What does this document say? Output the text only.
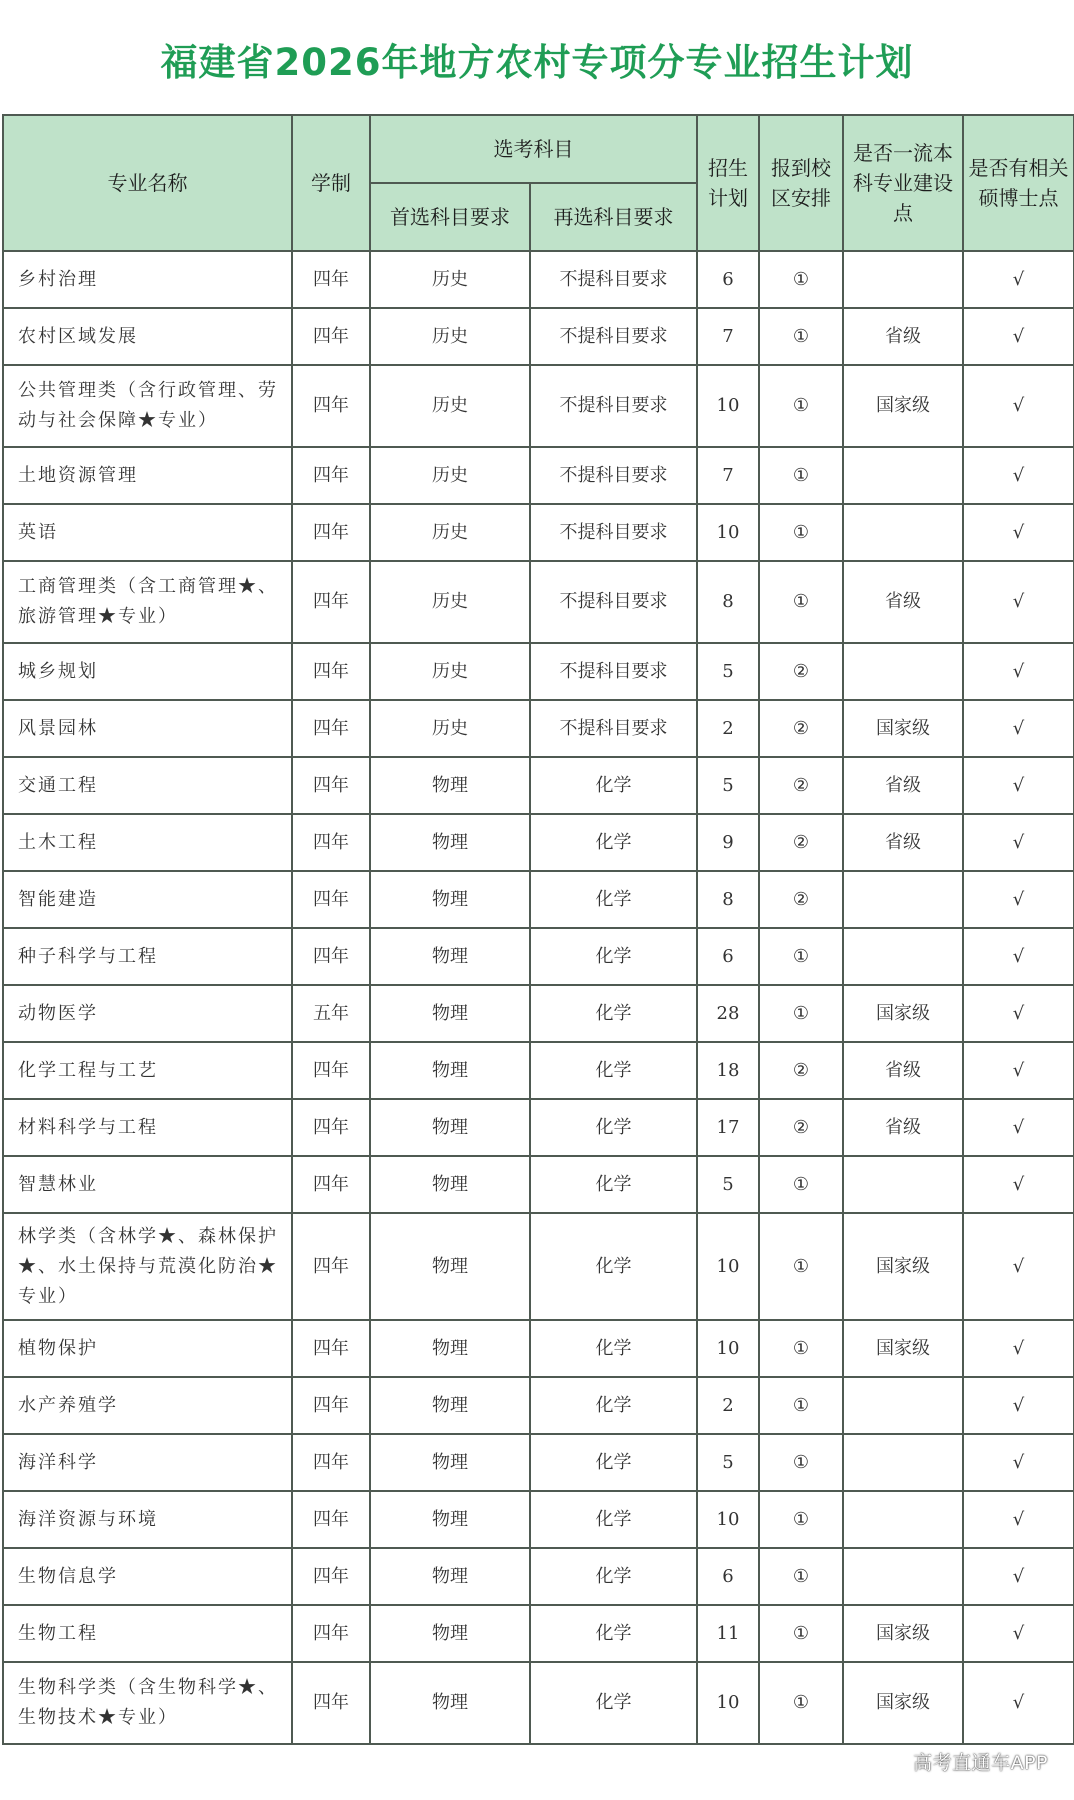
福建省2026年地方农村专项分专业招生计划
专业名称	学制	选考科目		招生计划	报到校区安排	是否一流本科专业建设点	是否有相关硕博士点
		首选科目要求	再选科目要求				
乡村治理	四年	历史	不提科目要求	6	①		√
农村区域发展	四年	历史	不提科目要求	7	①	省级	√
公共管理类（含行政管理、劳动与社会保障★专业）	四年	历史	不提科目要求	10	①	国家级	√
土地资源管理	四年	历史	不提科目要求	7	①		√
英语	四年	历史	不提科目要求	10	①		√
工商管理类（含工商管理★、旅游管理★专业）	四年	历史	不提科目要求	8	①	省级	√
城乡规划	四年	历史	不提科目要求	5	②		√
风景园林	四年	历史	不提科目要求	2	②	国家级	√
交通工程	四年	物理	化学	5	②	省级	√
土木工程	四年	物理	化学	9	②	省级	√
智能建造	四年	物理	化学	8	②		√
种子科学与工程	四年	物理	化学	6	①		√
动物医学	五年	物理	化学	28	①	国家级	√
化学工程与工艺	四年	物理	化学	18	②	省级	√
材料科学与工程	四年	物理	化学	17	②	省级	√
智慧林业	四年	物理	化学	5	①		√
林学类（含林学★、森林保护★、水土保持与荒漠化防治★专业）	四年	物理	化学	10	①	国家级	√
植物保护	四年	物理	化学	10	①	国家级	√
水产养殖学	四年	物理	化学	2	①		√
海洋科学	四年	物理	化学	5	①		√
海洋资源与环境	四年	物理	化学	10	①		√
生物信息学	四年	物理	化学	6	①		√
生物工程	四年	物理	化学	11	①	国家级	√
生物科学类（含生物科学★、生物技术★专业）	四年	物理	化学	10	①	国家级	√
高考直通车APP
